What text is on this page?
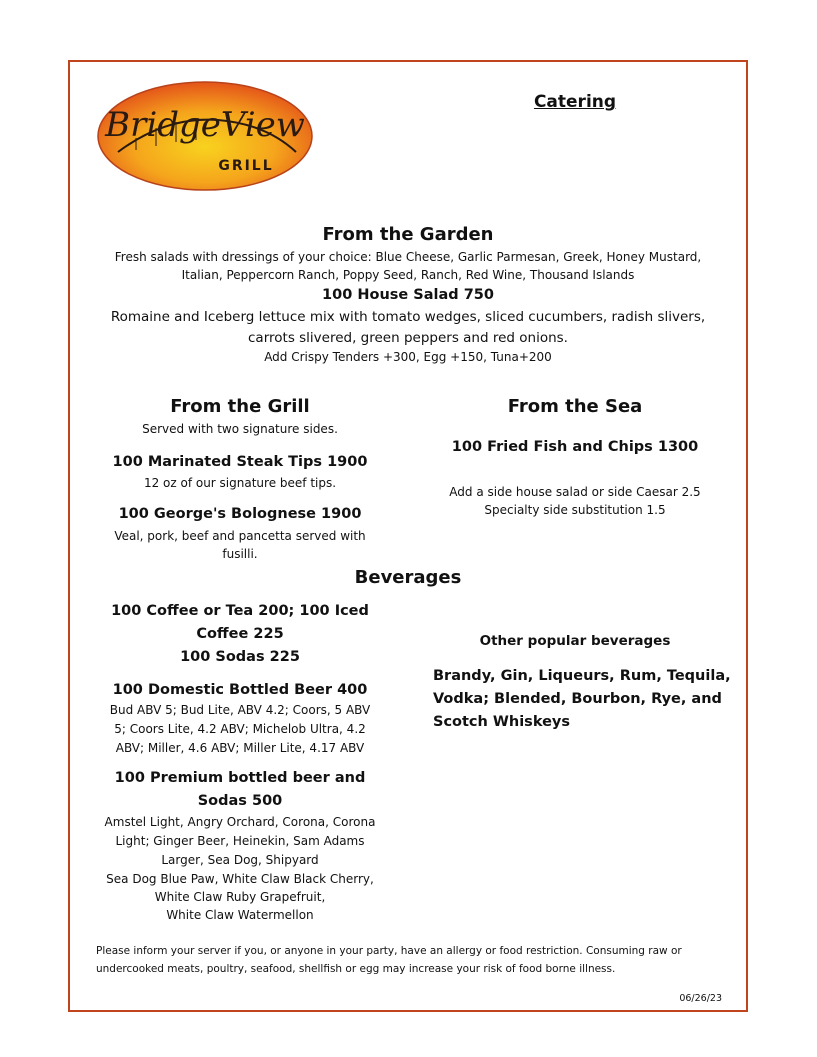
BridgeView
GRILL
Catering
From the Garden
Fresh salads with dressings of your choice: Blue Cheese, Garlic Parmesan, Greek, Honey Mustard,
Italian, Peppercorn Ranch, Poppy Seed, Ranch, Red Wine, Thousand Islands
100 House Salad 750
Romaine and Iceberg lettuce mix with tomato wedges, sliced cucumbers, radish slivers,
carrots slivered, green peppers and red onions.
Add Crispy Tenders +300, Egg +150, Tuna+200
From the Grill
Served with two signature sides.
100 Marinated Steak Tips 1900
12 oz of our signature beef tips.
100 George's Bolognese 1900
Veal, pork, beef and pancetta served with
fusilli.
From the Sea
100 Fried Fish and Chips 1300
Add a side house salad or side Caesar 2.5
Specialty side substitution 1.5
Beverages
100 Coffee or Tea 200; 100 Iced
Coffee 225
100 Sodas 225
100 Domestic Bottled Beer 400
Bud ABV 5; Bud Lite, ABV 4.2; Coors, 5 ABV
5; Coors Lite, 4.2 ABV; Michelob Ultra, 4.2
ABV; Miller, 4.6 ABV; Miller Lite, 4.17 ABV
100 Premium bottled beer and
Sodas 500
Amstel Light, Angry Orchard, Corona, Corona
Light; Ginger Beer, Heinekin, Sam Adams
Larger, Sea Dog, Shipyard
Sea Dog Blue Paw, White Claw Black Cherry,
White Claw Ruby Grapefruit,
White Claw Watermellon
Other popular beverages
Brandy, Gin, Liqueurs, Rum, Tequila,
Vodka; Blended, Bourbon, Rye, and
Scotch Whiskeys
Please inform your server if you, or anyone in your party, have an allergy or food restriction. Consuming raw or
undercooked meats, poultry, seafood, shellfish or egg may increase your risk of food borne illness.
06/26/23
